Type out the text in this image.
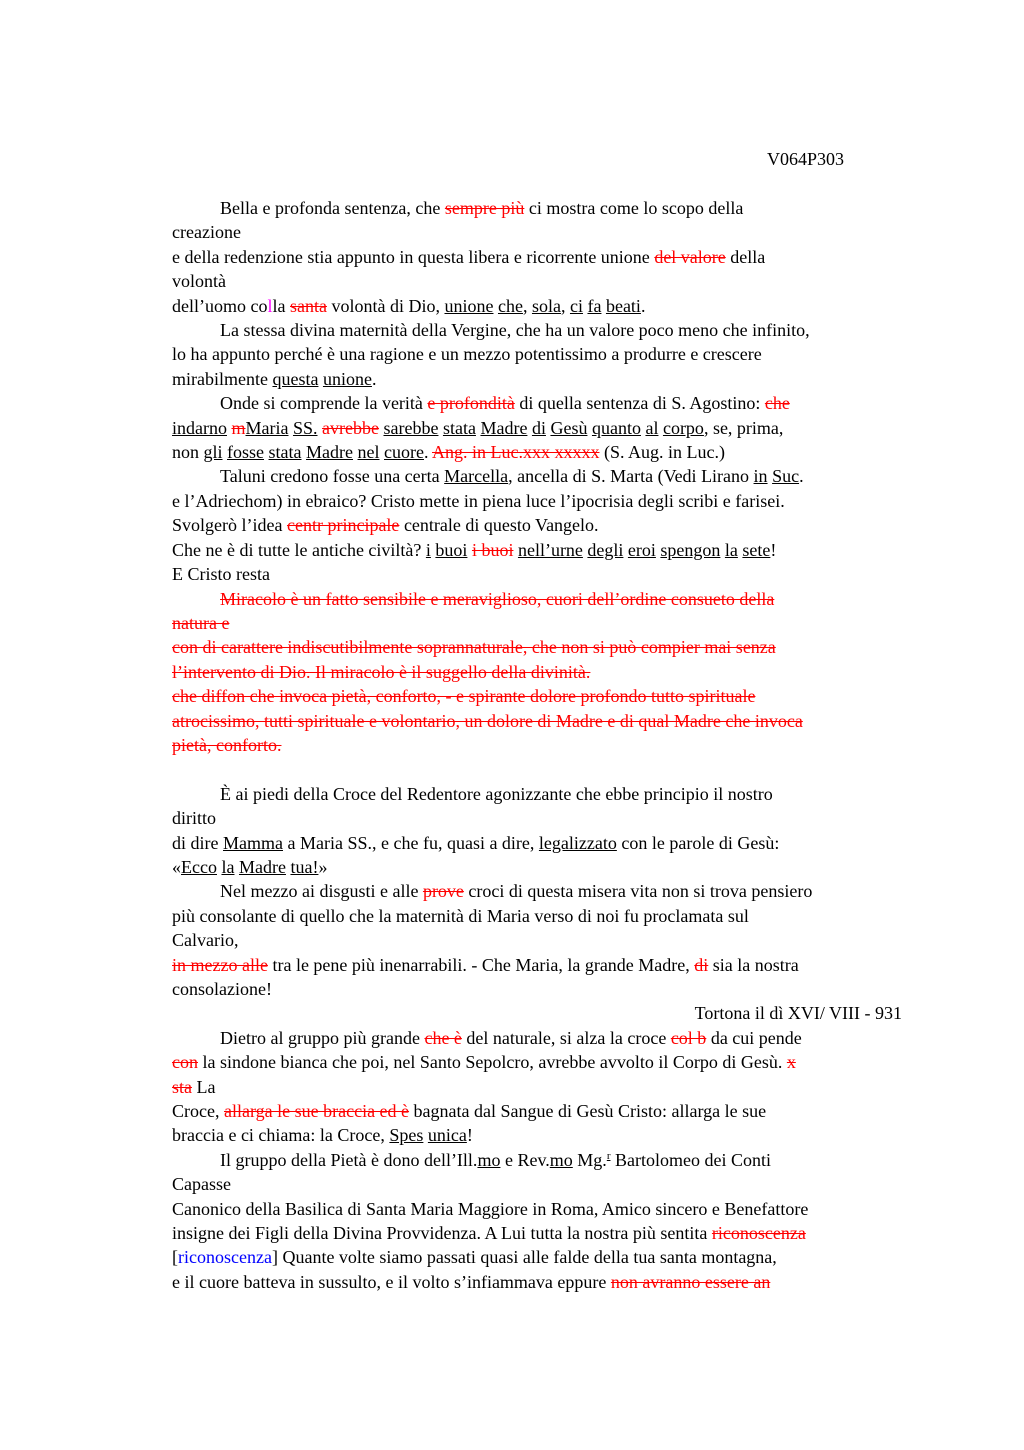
V064P303

Bella e profonda sentenza, che sempre più ci mostra come lo scopo della

creazione

e della redenzione stia appunto in questa libera e ricorrente unione del valore della

volontà

dell’uomo colla santa volontà di Dio, unione che, sola, ci fa beati.

La stessa divina maternità della Vergine, che ha un valore poco meno che infinito,

lo ha appunto perché è una ragione e un mezzo potentissimo a produrre e crescere

mirabilmente questa unione.

Onde si comprende la verità e profondità di quella sentenza di S. Agostino: che

indarno mMaria SS. avrebbe sarebbe stata Madre di Gesù quanto al corpo, se, prima,

non gli fosse stata Madre nel cuore. Ang. in Luc.xxx xxxxx (S. Aug. in Luc.)

Taluni credono fosse una certa Marcella, ancella di S. Marta (Vedi Lirano in Suc.

e l’Adriechom) in ebraico? Cristo mette in piena luce l’ipocrisia degli scribi e farisei.

Svolgerò l’idea centr principale centrale di questo Vangelo.

Che ne è di tutte le antiche civiltà? i buoi i buoi nell’urne degli eroi spengon la sete!

E Cristo resta

Miracolo è un fatto sensibile e meraviglioso, cuori dell’ordine consueto della

natura e

con di carattere indiscutibilmente soprannaturale, che non si può compier mai senza

l’intervento di Dio. Il miracolo è il suggello della divinità.

che diffon che invoca pietà, conforto, - e spirante dolore profondo tutto spirituale

atrocissimo, tutti spirituale e volontario, un dolore di Madre e di qual Madre che invoca

pietà, conforto.

È ai piedi della Croce del Redentore agonizzante che ebbe principio il nostro

diritto

di dire Mamma a Maria SS., e che fu, quasi a dire, legalizzato con le parole di Gesù:

«Ecco la Madre tua!»

Nel mezzo ai disgusti e alle prove croci di questa misera vita non si trova pensiero

più consolante di quello che la maternità di Maria verso di noi fu proclamata sul

Calvario,

in mezzo alle tra le pene più inenarrabili. - Che Maria, la grande Madre, di sia la nostra

consolazione!

Tortona il dì XVI/ VIII - 931

Dietro al gruppo più grande che è del naturale, si alza la croce col b da cui pende

con la sindone bianca che poi, nel Santo Sepolcro, avrebbe avvolto il Corpo di Gesù. x

sta La

Croce, allarga le sue braccia ed è bagnata dal Sangue di Gesù Cristo: allarga le sue

braccia e ci chiama: la Croce, Spes unica!

Il gruppo della Pietà è dono dell’Ill.mo e Rev.mo Mg.$^r$ Bartolomeo dei Conti

Capasse

Canonico della Basilica di Santa Maria Maggiore in Roma, Amico sincero e Benefattore

insigne dei Figli della Divina Provvidenza. A Lui tutta la nostra più sentita riconoscenza

[riconoscenza] Quante volte siamo passati quasi alle falde della tua santa montagna,

e il cuore batteva in sussulto, e il volto s’infiammava eppure non avranno essere an
